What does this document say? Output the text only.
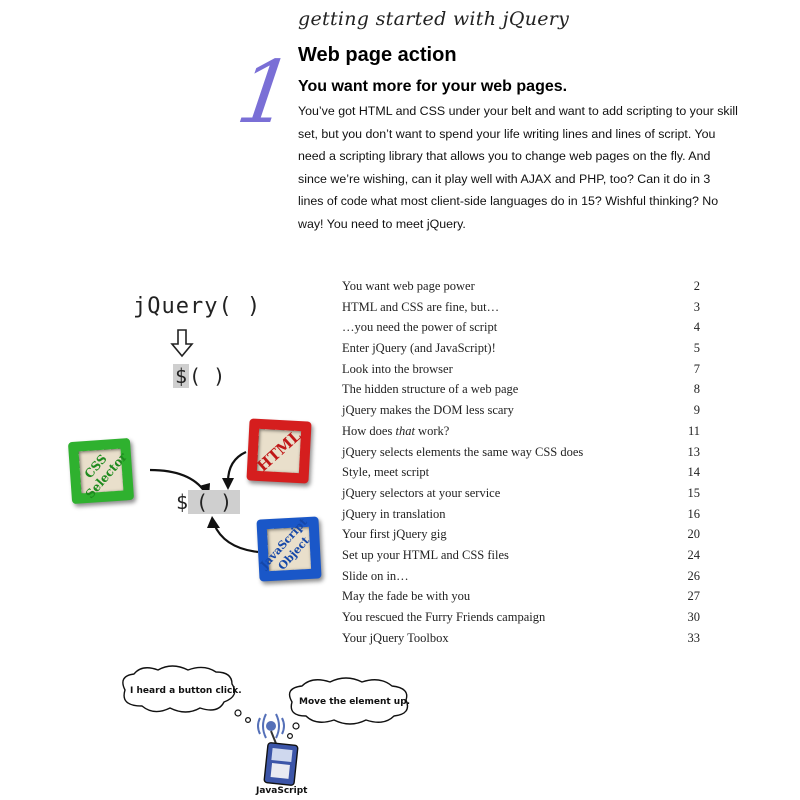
getting started with jQuery
1
Web page action
You want more for your web pages.
You’ve got HTML and CSS under your belt and want to add scripting to your skill set, but you don’t want to spend your life writing lines and lines of script. You need a scripting library that allows you to change web pages on the fly. And since we’re wishing, can it play well with AJAX and PHP, too? Can it do in 3 lines of code what most client-side languages do in 15? Wishful thinking? No way! You need to meet jQuery.
You want web page power	2
HTML and CSS are fine, but…	3
…you need the power of script	4
Enter jQuery (and JavaScript)!	5
Look into the browser	7
The hidden structure of a web page	8
jQuery makes the DOM less scary	9
How does that work?	11
jQuery selects elements the same way CSS does	13
Style, meet script	14
jQuery selectors at your service	15
jQuery in translation	16
Your first jQuery gig	20
Set up your HTML and CSS files	24
Slide on in…	26
May the fade be with you	27
You rescued the Furry Friends campaign	30
Your jQuery Toolbox	33
jQuery( )
$ ( )
$ ( )
CSS Selector	HTML
JavaScript Object
I heard a button click.
Move the element up.
JavaScript
